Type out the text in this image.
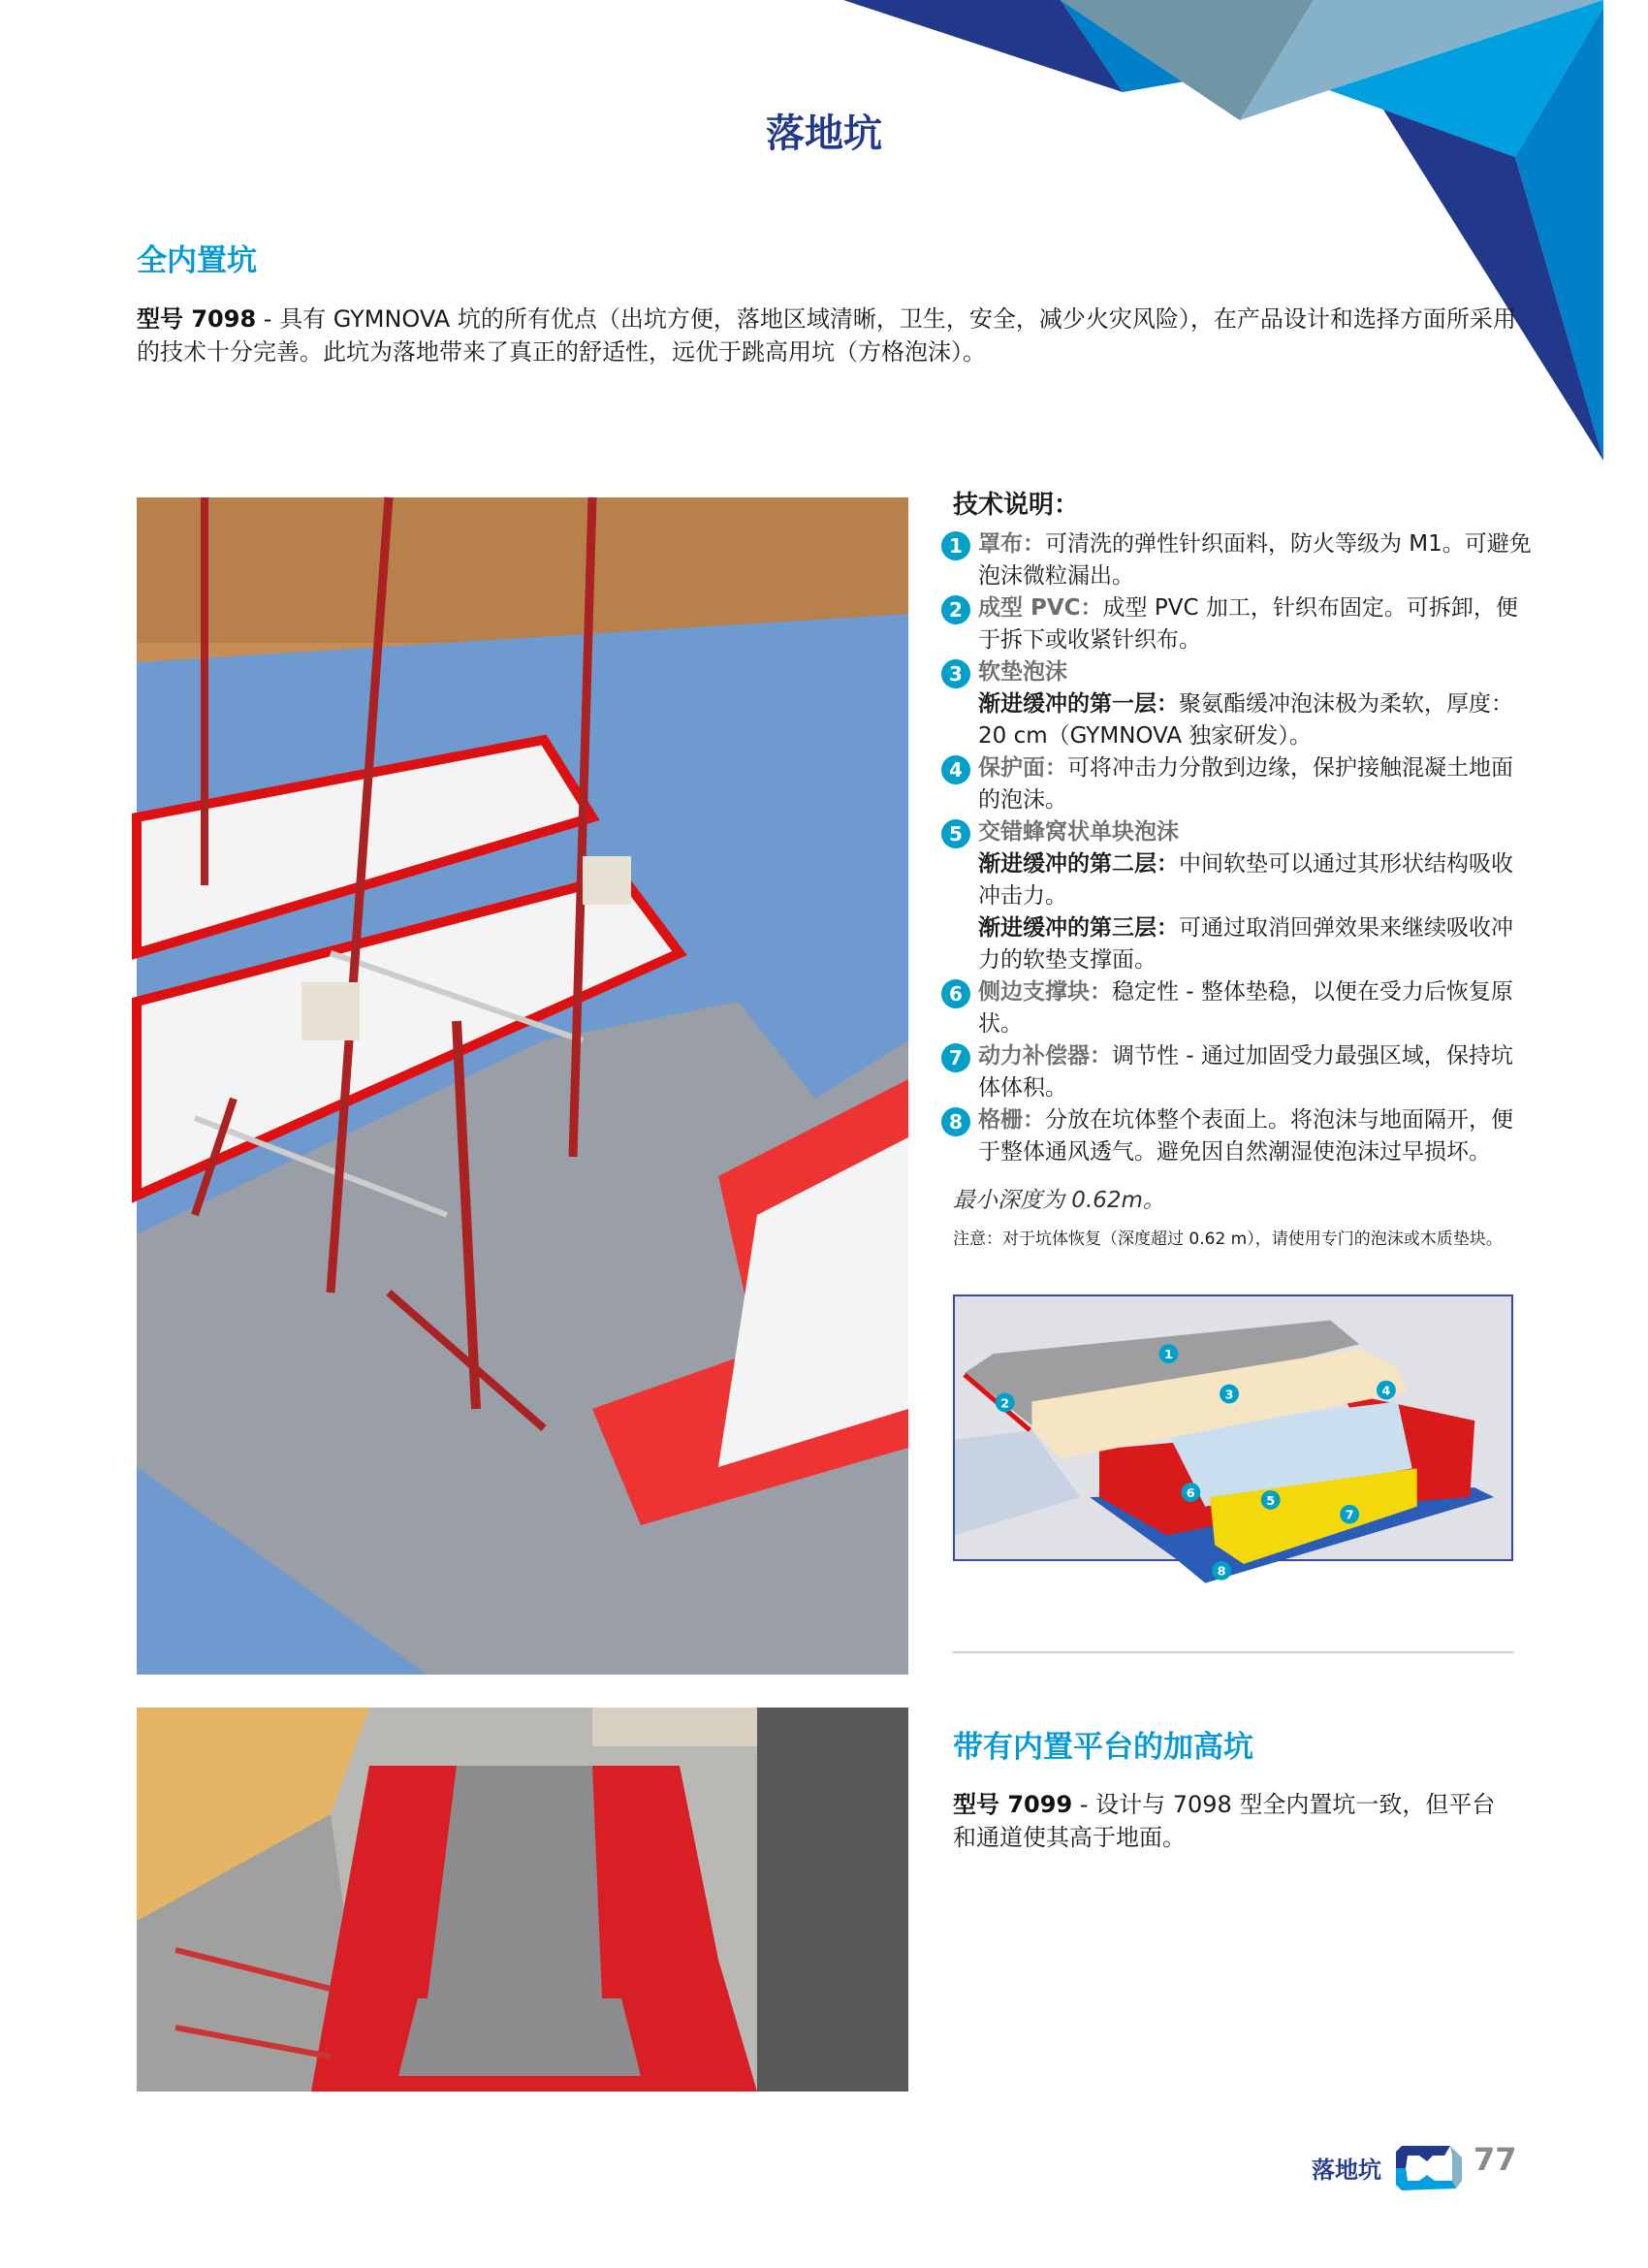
落地坑
全内置坑
型号 7098 - 具有 GYMNOVA 坑的所有优点（出坑方便，落地区域清晰，卫生，安全，减少火灾风险），在产品设计和选择方面所采用的技术十分完善。此坑为落地带来了真正的舒适性，远优于跳高用坑（方格泡沫）。
技术说明：
1 罩布：可清洗的弹性针织面料，防火等级为 M1。可避免泡沫微粒漏出。
2 成型 PVC：成型 PVC 加工，针织布固定。可拆卸，便于拆下或收紧针织布。
3 软垫泡沫
渐进缓冲的第一层：聚氨酯缓冲泡沫极为柔软，厚度：20 cm（GYMNOVA 独家研发）。
4 保护面：可将冲击力分散到边缘，保护接触混凝土地面的泡沫。
5 交错蜂窝状单块泡沫
渐进缓冲的第二层：中间软垫可以通过其形状结构吸收冲击力。
渐进缓冲的第三层：可通过取消回弹效果来继续吸收冲力的软垫支撑面。
6 侧边支撑块：稳定性 - 整体垫稳，以便在受力后恢复原状。
7 动力补偿器：调节性 - 通过加固受力最强区域，保持坑体体积。
8 格栅：分放在坑体整个表面上。将泡沫与地面隔开，便于整体通风透气。避免因自然潮湿使泡沫过早损坏。
最小深度为 0.62m。
注意：对于坑体恢复（深度超过 0.62 m），请使用专门的泡沫或木质垫块。
1
2
3	4
5
6
7
8
带有内置平台的加高坑
型号 7099 - 设计与 7098 型全内置坑一致，但平台和通道使其高于地面。
落地坑	77
